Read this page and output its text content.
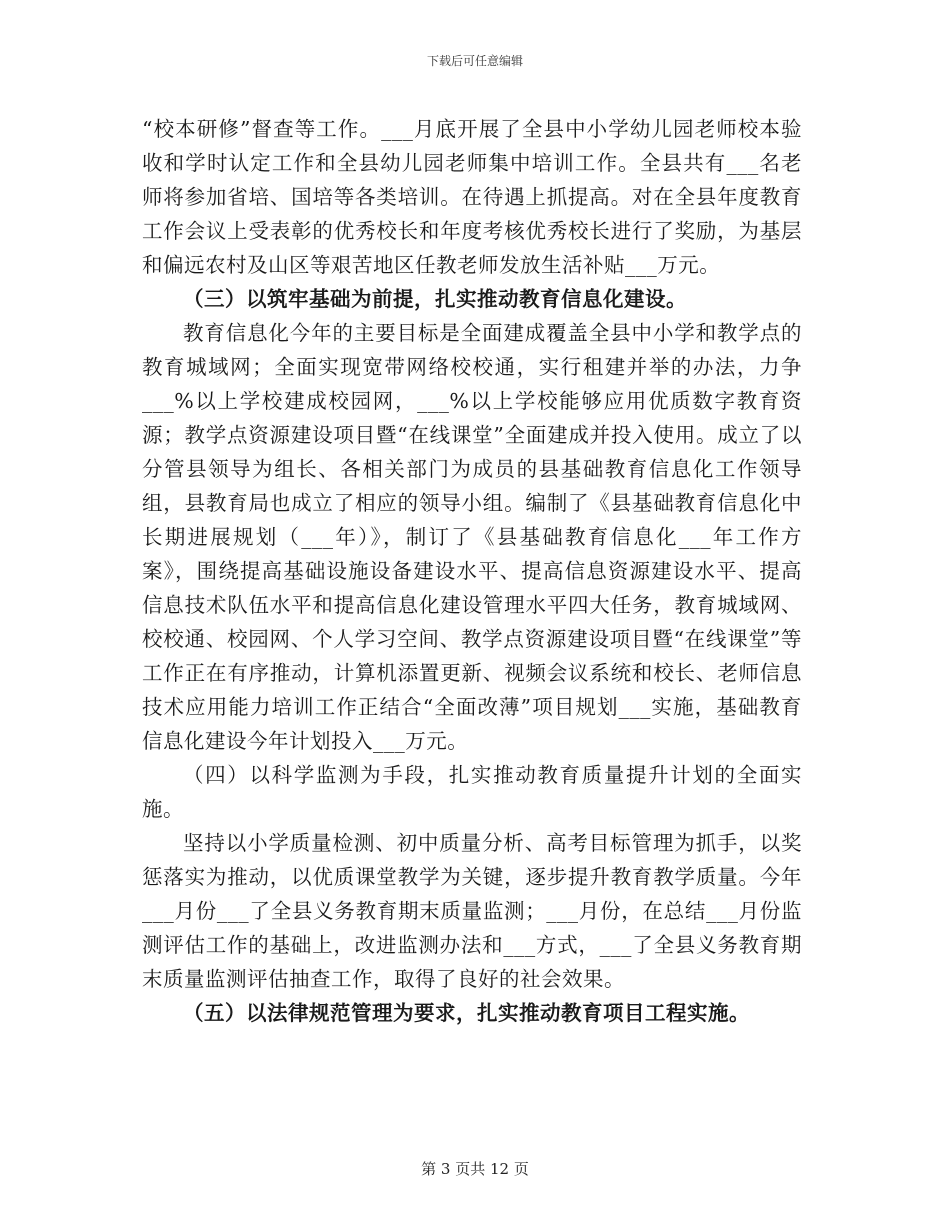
下载后可任意编辑

“校本研修”督查等工作。___月底开展了全县中小学幼儿园老师校本验收和学时认定工作和全县幼儿园老师集中培训工作。全县共有___名老师将参加省培、国培等各类培训。在待遇上抓提高。对在全县年度教育工作会议上受表彰的优秀校长和年度考核优秀校长进行了奖励，为基层和偏远农村及山区等艰苦地区任教老师发放生活补贴___万元。

（三）以筑牢基础为前提，扎实推动教育信息化建设。

教育信息化今年的主要目标是全面建成覆盖全县中小学和教学点的教育城域网；全面实现宽带网络校校通，实行租建并举的办法，力争___%以上学校建成校园网，___%以上学校能够应用优质数字教育资源；教学点资源建设项目暨“在线课堂”全面建成并投入使用。成立了以分管县领导为组长、各相关部门为成员的县基础教育信息化工作领导组，县教育局也成立了相应的领导小组。编制了《县基础教育信息化中长期进展规划（___年）》，制订了《县基础教育信息化___年工作方案》，围绕提高基础设施设备建设水平、提高信息资源建设水平、提高信息技术队伍水平和提高信息化建设管理水平四大任务，教育城域网、校校通、校园网、个人学习空间、教学点资源建设项目暨“在线课堂”等工作正在有序推动，计算机添置更新、视频会议系统和校长、老师信息技术应用能力培训工作正结合“全面改薄”项目规划___实施，基础教育信息化建设今年计划投入___万元。

（四）以科学监测为手段，扎实推动教育质量提升计划的全面实施。

坚持以小学质量检测、初中质量分析、高考目标管理为抓手，以奖惩落实为推动，以优质课堂教学为关键，逐步提升教育教学质量。今年___月份___了全县义务教育期末质量监测；___月份，在总结___月份监测评估工作的基础上，改进监测办法和___方式，___了全县义务教育期末质量监测评估抽查工作，取得了良好的社会效果。

（五）以法律规范管理为要求，扎实推动教育项目工程实施。

第 3 页共 12 页
